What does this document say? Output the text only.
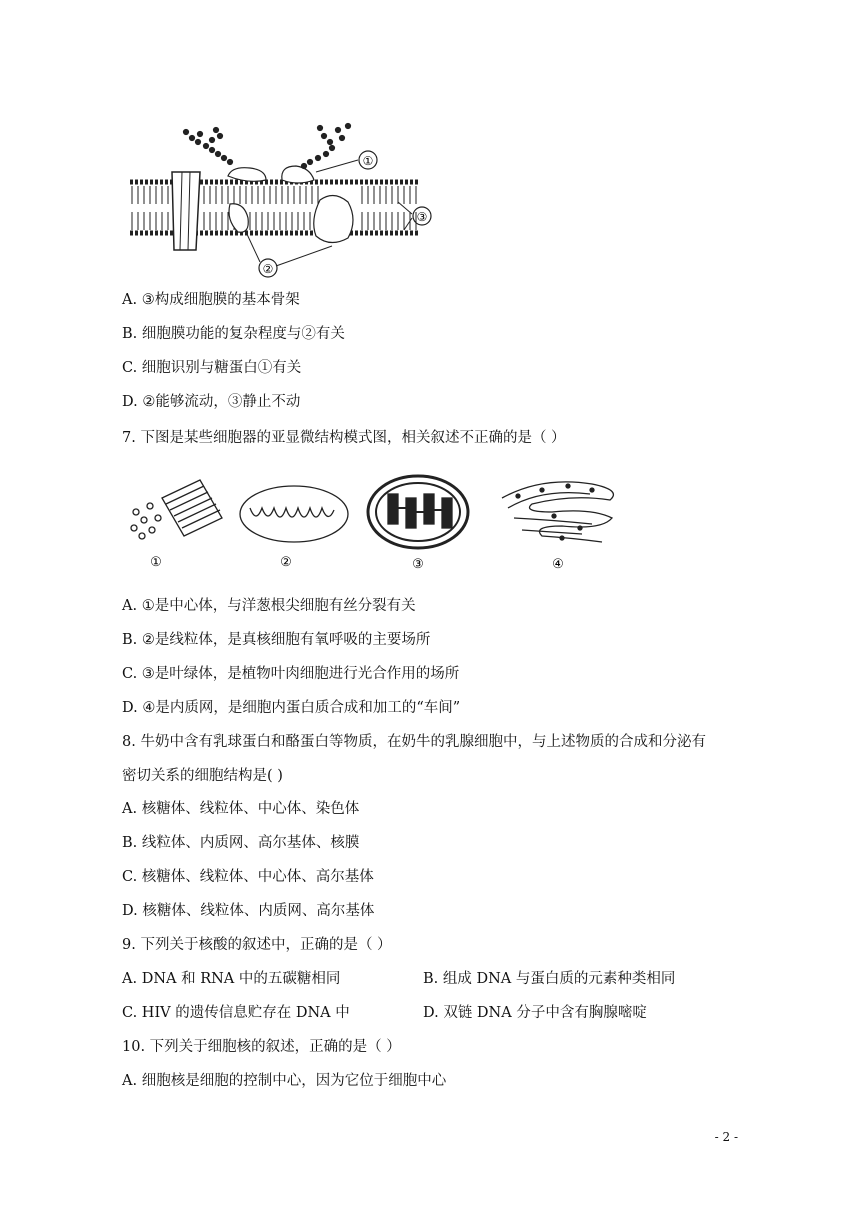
①
②
③
A. ③构成细胞膜的基本骨架
B. 细胞膜功能的复杂程度与②有关
C. 细胞识别与糖蛋白①有关
D. ②能够流动，③静止不动
7. 下图是某些细胞器的亚显微结构模式图，相关叙述不正确的是（ ）
①	②	③	④
A. ①是中心体，与洋葱根尖细胞有丝分裂有关
B. ②是线粒体，是真核细胞有氧呼吸的主要场所
C. ③是叶绿体，是植物叶肉细胞进行光合作用的场所
D. ④是内质网，是细胞内蛋白质合成和加工的“车间”
8. 牛奶中含有乳球蛋白和酪蛋白等物质，在奶牛的乳腺细胞中，与上述物质的合成和分泌有
密切关系的细胞结构是( )
A. 核糖体、线粒体、中心体、染色体
B. 线粒体、内质网、高尔基体、核膜
C. 核糖体、线粒体、中心体、高尔基体
D. 核糖体、线粒体、内质网、高尔基体
9. 下列关于核酸的叙述中，正确的是（ ）
A. DNA 和 RNA 中的五碳糖相同	B. 组成 DNA 与蛋白质的元素种类相同
C. HIV 的遗传信息贮存在 DNA 中	D. 双链 DNA 分子中含有胸腺嘧啶
10. 下列关于细胞核的叙述，正确的是（ ）
A. 细胞核是细胞的控制中心，因为它位于细胞中心
- 2 -
